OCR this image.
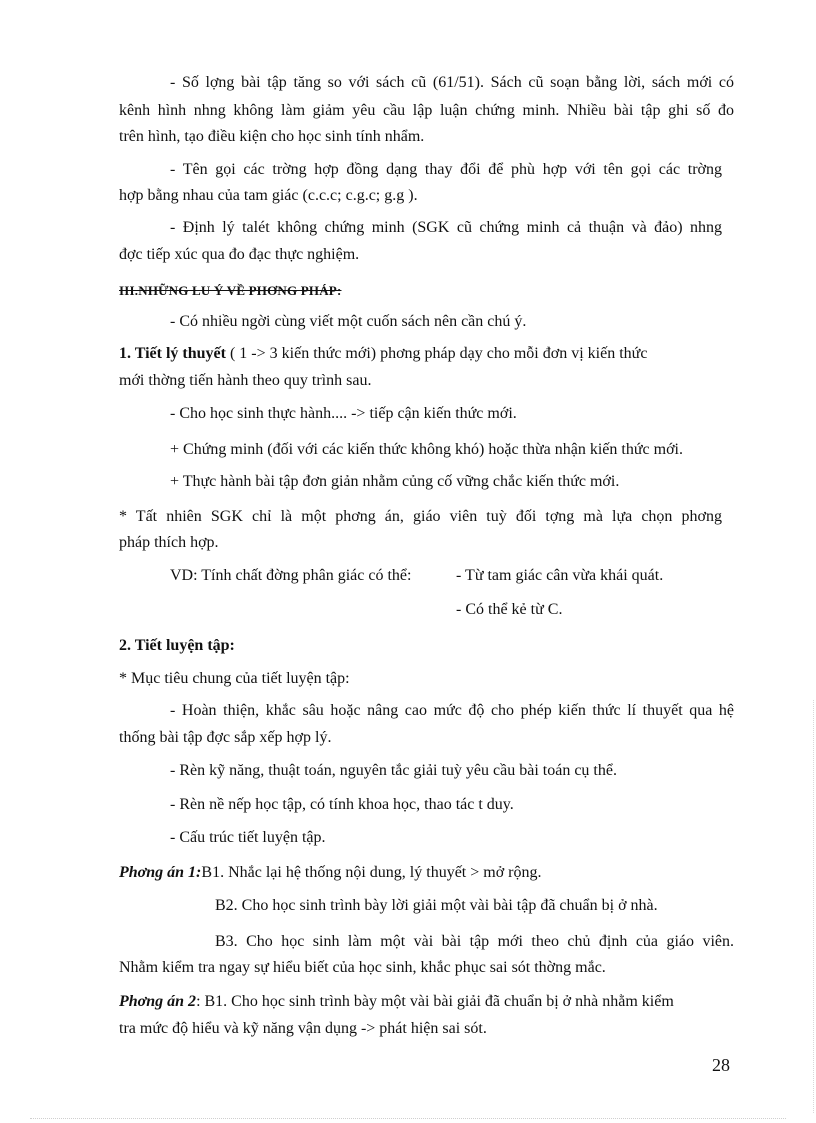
- Số lợng bài tập tăng so với sách cũ (61/51). Sách cũ soạn bằng lời, sách mới có
kênh hình nhng không làm giảm yêu cầu lập luận chứng minh. Nhiều bài tập ghi số đo
trên hình, tạo điều kiện cho học sinh tính nhẩm.
- Tên gọi các trờng hợp đồng dạng thay đổi để phù hợp với tên gọi các trờng
hợp bằng nhau của tam giác (c.c.c; c.g.c; g.g ).
- Định lý talét không chứng minh (SGK cũ chứng minh cả thuận và đảo) nhng
đợc tiếp xúc qua đo đạc thực nghiệm.
III.NHỮNG LU Ý VỀ PHƠNG PHÁP:
- Có nhiều ngời cùng viết một cuốn sách nên cần chú ý.
1. Tiết lý thuyết ( 1 -> 3 kiến thức mới) phơng pháp dạy cho mỗi đơn vị kiến thức
mới thờng tiến hành theo quy trình sau.
- Cho học sinh thực hành.... -> tiếp cận kiến thức mới.
+ Chứng minh (đối với các kiến thức không khó) hoặc thừa nhận kiến thức mới.
+ Thực hành bài tập đơn giản nhằm củng cố vững chắc kiến thức mới.
* Tất nhiên SGK chỉ là một phơng án, giáo viên tuỳ đối tợng mà lựa chọn phơng
pháp thích hợp.
VD: Tính chất đờng phân giác có thể:	- Từ tam giác cân vừa khái quát.
- Có thể kẻ từ C.
2. Tiết luyện tập:
* Mục tiêu chung của tiết luyện tập:
- Hoàn thiện, khắc sâu hoặc nâng cao mức độ cho phép kiến thức lí thuyết qua hệ
thống bài tập đợc sắp xếp hợp lý.
- Rèn kỹ năng, thuật toán, nguyên tắc giải tuỳ yêu cầu bài toán cụ thể.
- Rèn nề nếp học tập, có tính khoa học, thao tác t duy.
- Cấu trúc tiết luyện tập.
Phơng án 1:B1. Nhắc lại hệ thống nội dung, lý thuyết > mở rộng.
B2. Cho học sinh trình bày lời giải một vài bài tập đã chuẩn bị ở nhà.
B3. Cho học sinh làm một vài bài tập mới theo chủ định của giáo viên.
Nhằm kiểm tra ngay sự hiểu biết của học sinh, khắc phục sai sót thờng mắc.
Phơng án 2: B1. Cho học sinh trình bày một vài bài giải đã chuẩn bị ở nhà nhằm kiểm
tra mức độ hiểu và kỹ năng vận dụng -> phát hiện sai sót.
28
